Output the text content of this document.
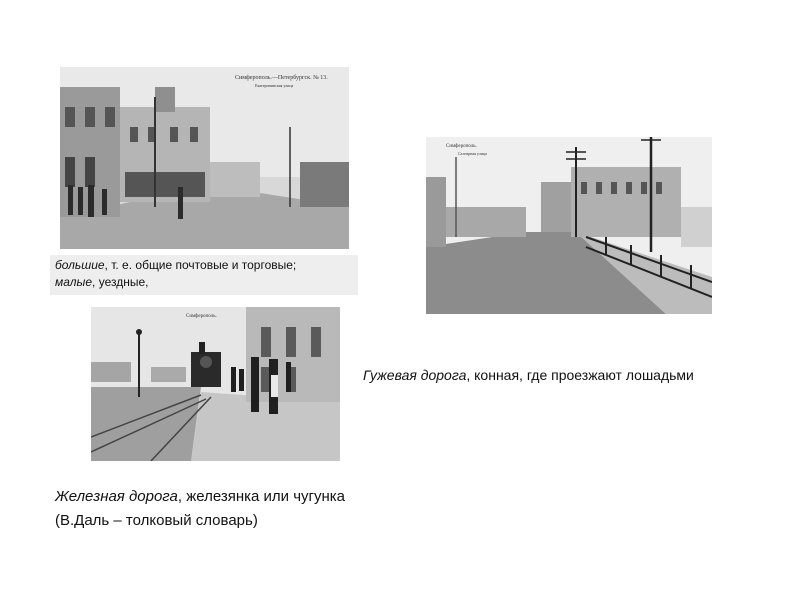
Симферополь.—Петербургск. № 13.
Екатерининская улица
Симферополь.
Салгирная улица
Симферополь.
большие, т. е. общие почтовые и торговые;
малые, уездные,
Гужевая дорога, конная, где проезжают лошадьми
Железная дорога, железянка или чугунка
(В.Даль – толковый словарь)
